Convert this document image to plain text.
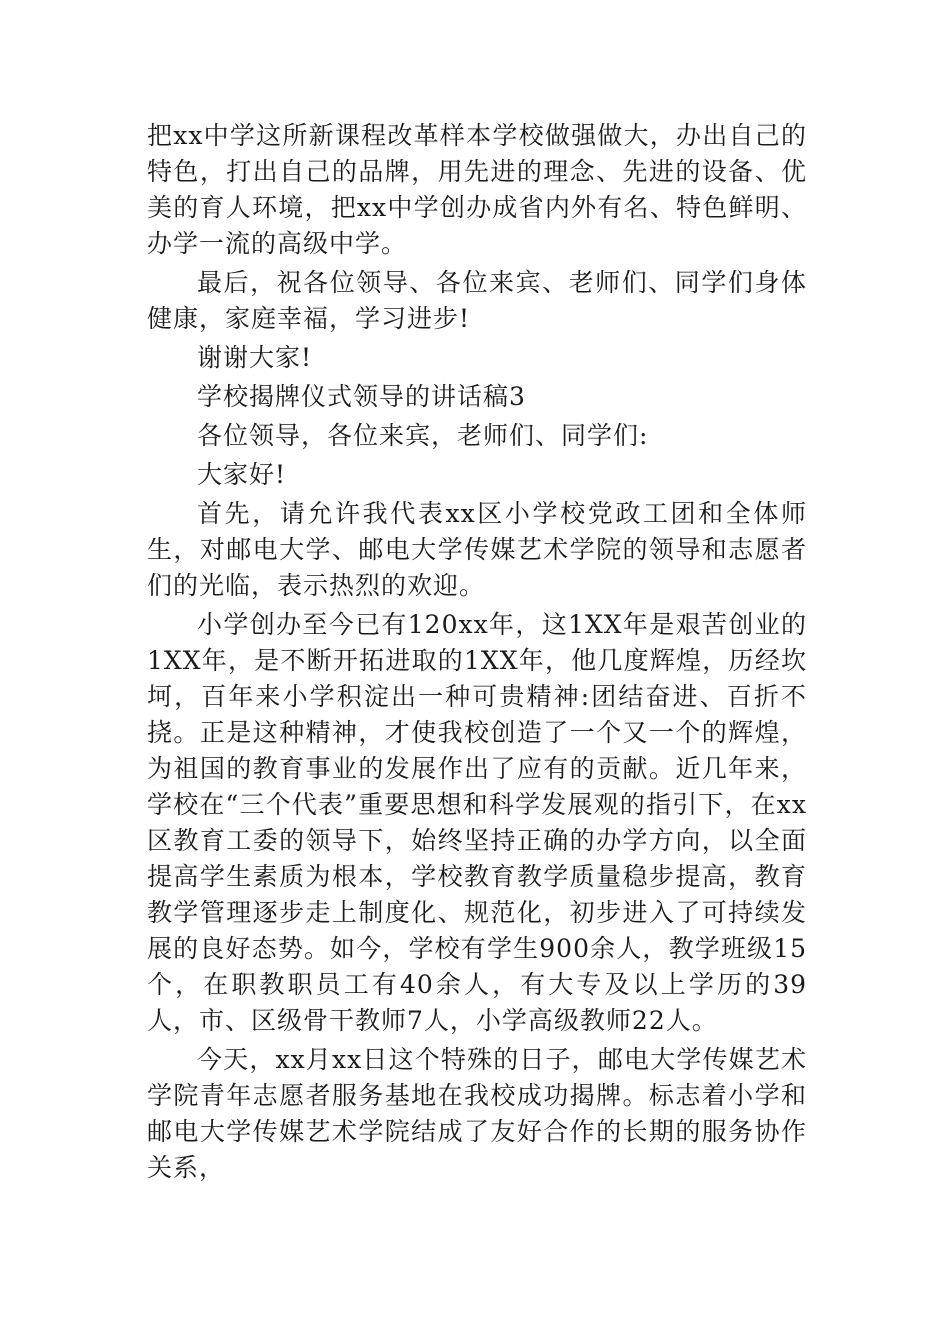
把xx中学这所新课程改革样本学校做强做大，办出自己的特色，打出自己的品牌，用先进的理念、先进的设备、优美的育人环境，把xx中学创办成省内外有名、特色鲜明、办学一流的高级中学。

最后，祝各位领导、各位来宾、老师们、同学们身体健康，家庭幸福，学习进步!

谢谢大家!

学校揭牌仪式领导的讲话稿3

各位领导，各位来宾，老师们、同学们:

大家好!

首先，请允许我代表xx区小学校党政工团和全体师生，对邮电大学、邮电大学传媒艺术学院的领导和志愿者们的光临，表示热烈的欢迎。

小学创办至今已有120xx年，这1XX年是艰苦创业的1XX年，是不断开拓进取的1XX年，他几度辉煌，历经坎坷，百年来小学积淀出一种可贵精神:团结奋进、百折不挠。正是这种精神，才使我校创造了一个又一个的辉煌，为祖国的教育事业的发展作出了应有的贡献。近几年来，学校在“三个代表”重要思想和科学发展观的指引下，在xx区教育工委的领导下，始终坚持正确的办学方向，以全面提高学生素质为根本，学校教育教学质量稳步提高，教育教学管理逐步走上制度化、规范化，初步进入了可持续发展的良好态势。如今，学校有学生900余人，教学班级15个，在职教职员工有40余人，有大专及以上学历的39人，市、区级骨干教师7人，小学高级教师22人。

今天，xx月xx日这个特殊的日子，邮电大学传媒艺术学院青年志愿者服务基地在我校成功揭牌。标志着小学和邮电大学传媒艺术学院结成了友好合作的长期的服务协作关系，
